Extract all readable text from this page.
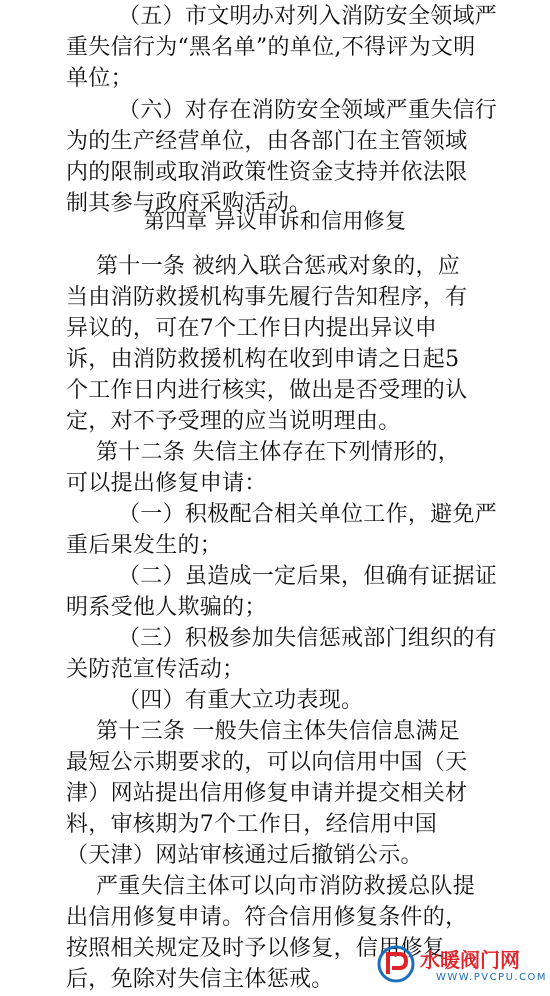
（五）市文明办对列入消防安全领域严
重失信行为“黑名单”的单位,不得评为文明
单位；
（六）对存在消防安全领域严重失信行
为的生产经营单位，由各部门在主管领域
内的限制或取消政策性资金支持并依法限
制其参与政府采购活动。
第四章 异议申诉和信用修复
第十一条 被纳入联合惩戒对象的，应
当由消防救援机构事先履行告知程序，有
异议的，可在7个工作日内提出异议申
诉，由消防救援机构在收到申请之日起5
个工作日内进行核实，做出是否受理的认
定，对不予受理的应当说明理由。
第十二条 失信主体存在下列情形的，
可以提出修复申请：
（一）积极配合相关单位工作，避免严
重后果发生的；
（二）虽造成一定后果，但确有证据证
明系受他人欺骗的；
（三）积极参加失信惩戒部门组织的有
关防范宣传活动；
（四）有重大立功表现。
第十三条 一般失信主体失信信息满足
最短公示期要求的，可以向信用中国（天
津）网站提出信用修复申请并提交相关材
料，审核期为7个工作日，经信用中国
（天津）网站审核通过后撤销公示。
严重失信主体可以向市消防救援总队提
出信用修复申请。符合信用修复条件的，
按照相关规定及时予以修复，信用修复
后，免除对失信主体惩戒。
水暖阀门网
WWW.PVCPU.COM
